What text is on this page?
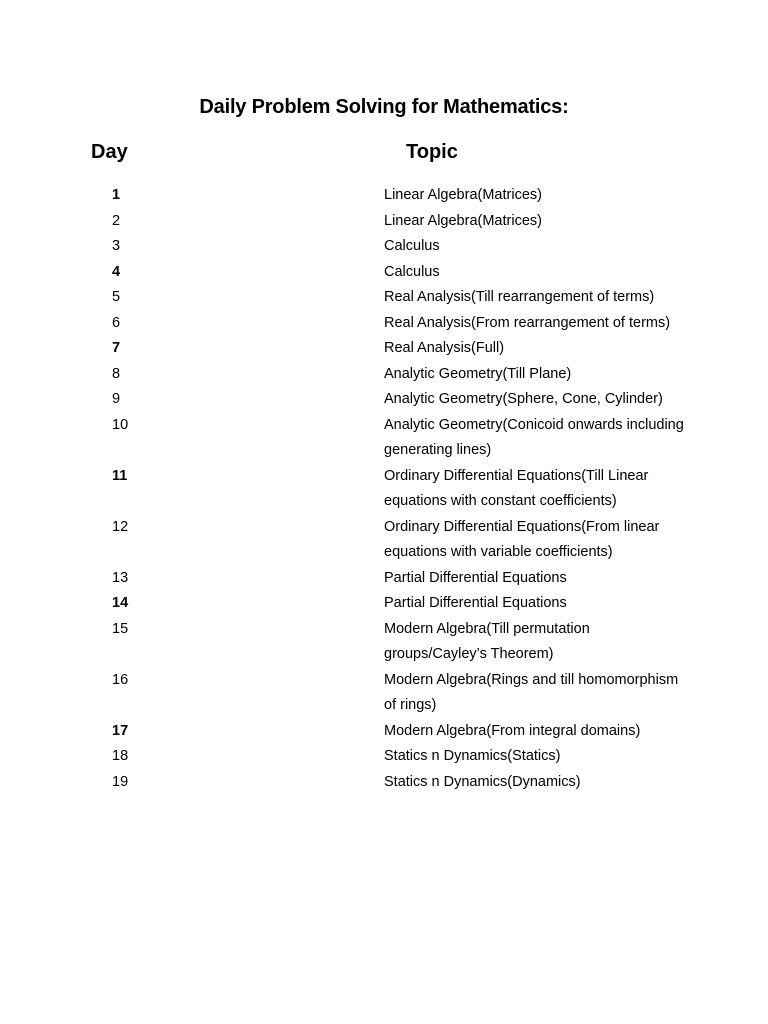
Daily Problem Solving for Mathematics:
Day	Topic
1	Linear Algebra(Matrices)
2	Linear Algebra(Matrices)
3	Calculus
4	Calculus
5	Real Analysis(Till rearrangement of terms)
6	Real Analysis(From rearrangement of terms)
7	Real Analysis(Full)
8	Analytic Geometry(Till Plane)
9	Analytic Geometry(Sphere, Cone, Cylinder)
10	Analytic Geometry(Conicoid onwards including generating lines)
11	Ordinary Differential Equations(Till Linear equations with constant coefficients)
12	Ordinary Differential Equations(From linear equations with variable coefficients)
13	Partial Differential Equations
14	Partial Differential Equations
15	Modern Algebra(Till permutation groups/Cayley’s Theorem)
16	Modern Algebra(Rings and till homomorphism of rings)
17	Modern Algebra(From integral domains)
18	Statics n Dynamics(Statics)
19	Statics n Dynamics(Dynamics)
